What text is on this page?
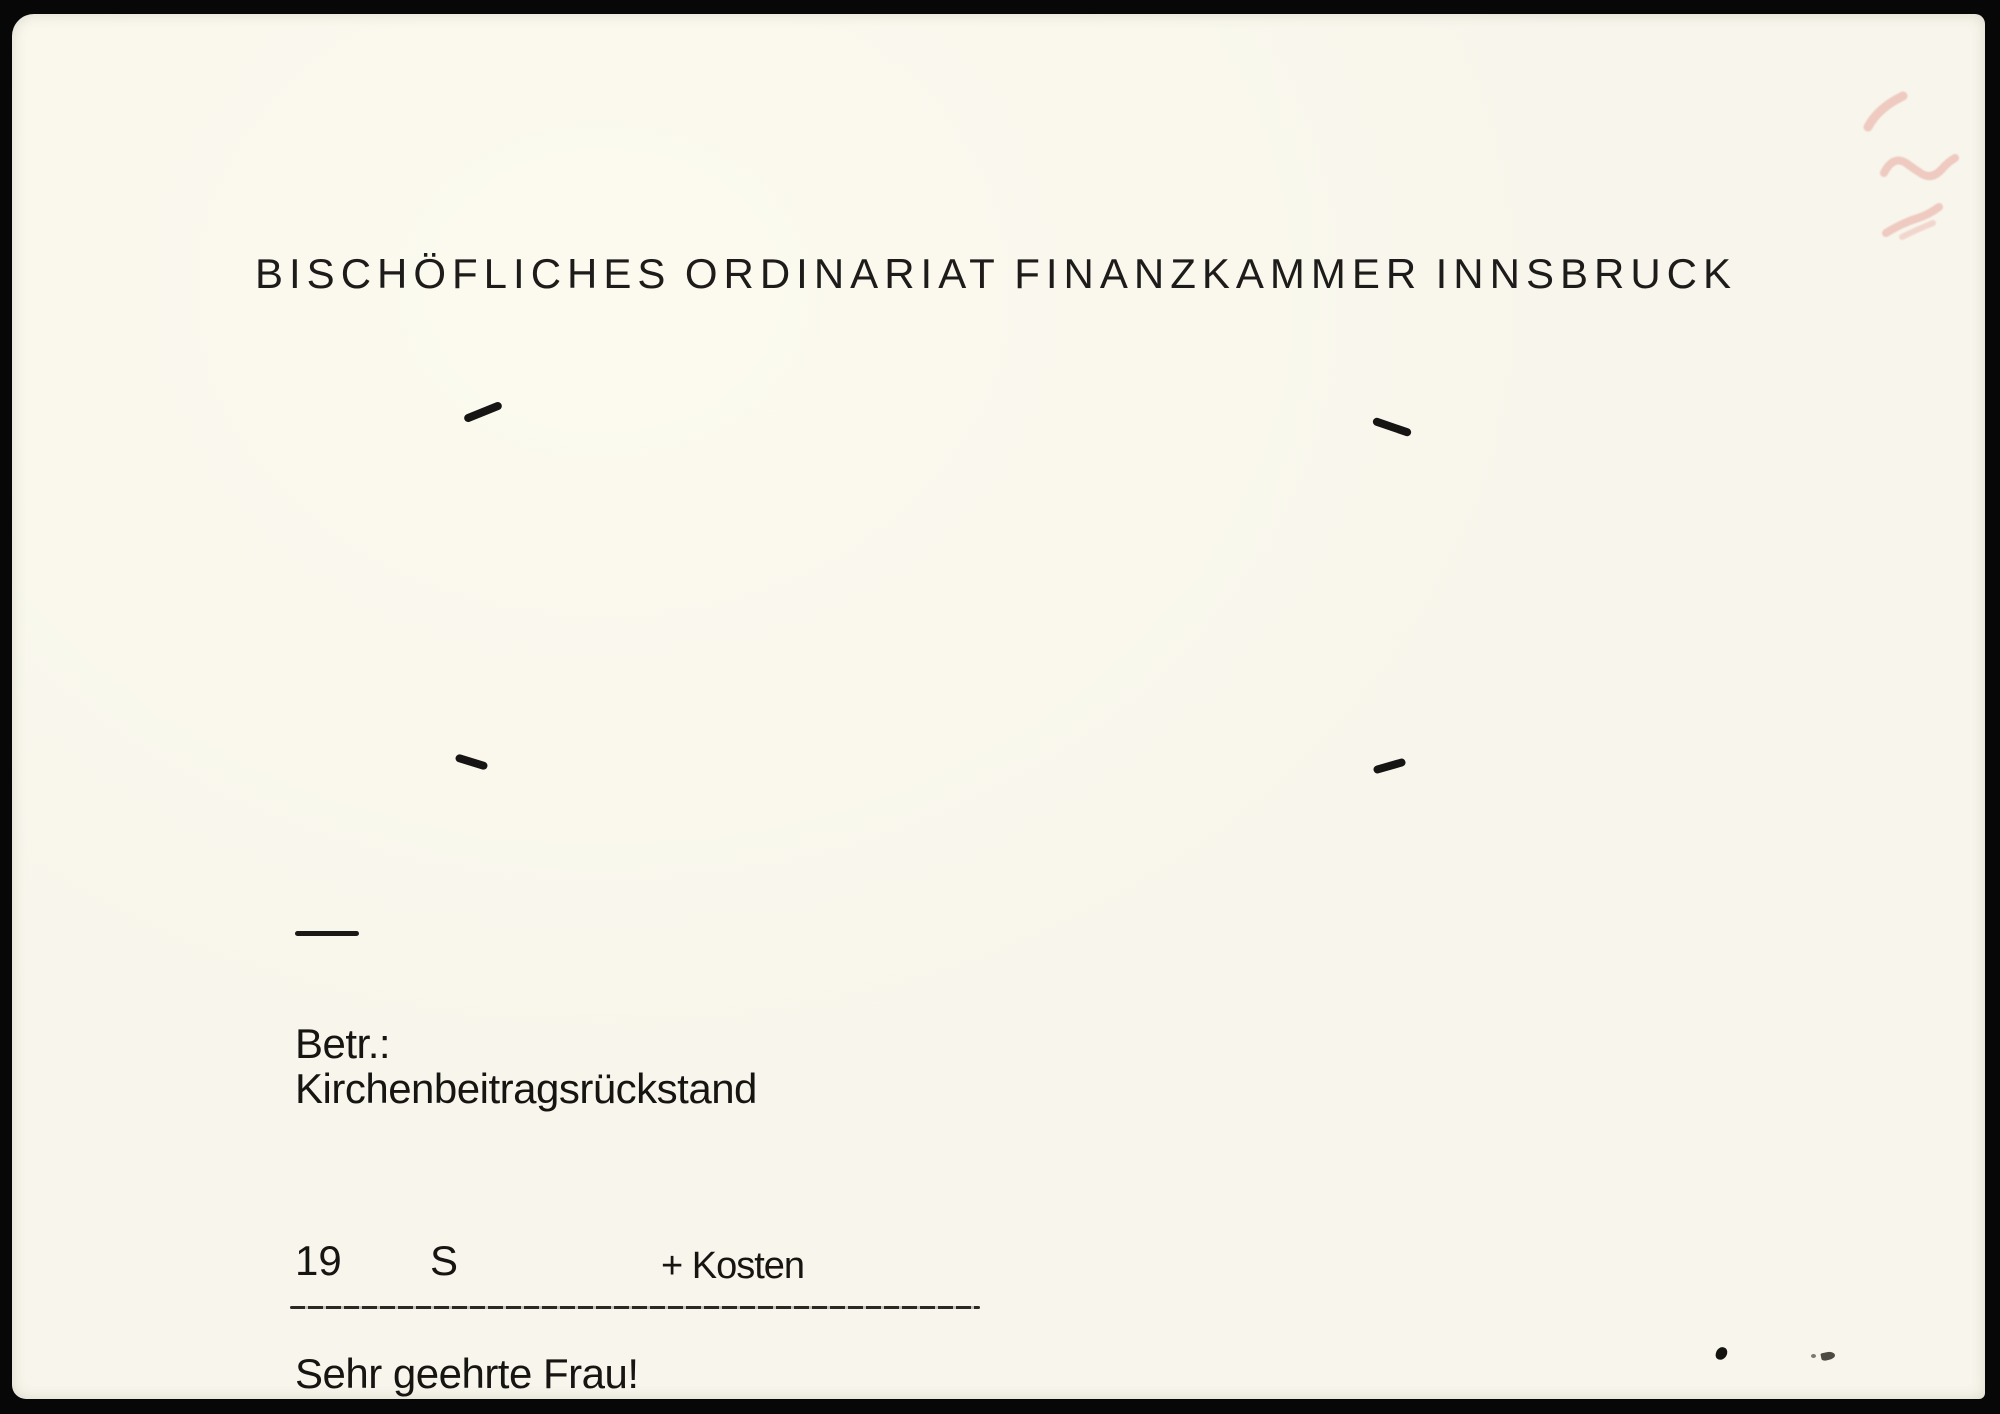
BISCHÖFLICHES ORDINARIAT FINANZKAMMER INNSBRUCK
Betr.:
Kirchenbeitragsrückstand
19 S	+ Kosten
Sehr geehrte Frau!
